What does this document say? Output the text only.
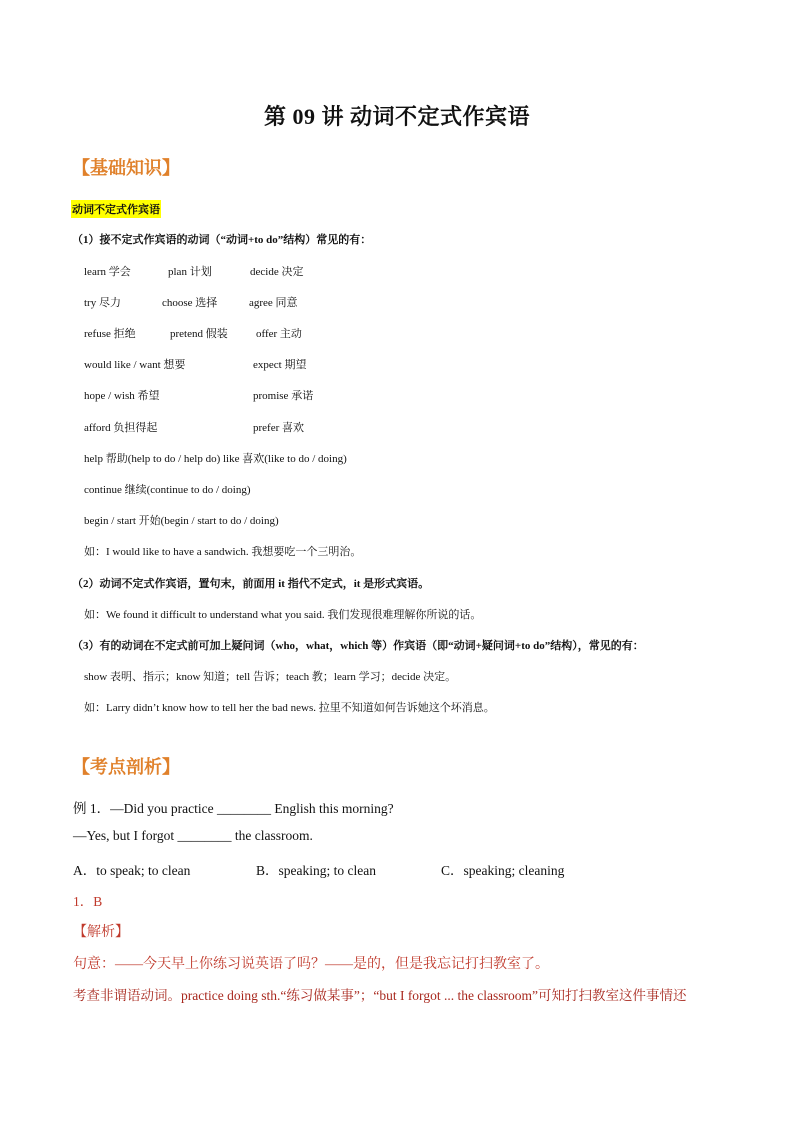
第 09 讲 动词不定式作宾语
【基础知识】
动词不定式作宾语
（1）接不定式作宾语的动词（“动词+to do”结构）常见的有：
learn 学会	plan 计划	decide 决定
try 尽力	choose 选择	agree 同意
refuse 拒绝	pretend 假装	offer 主动
would like / want 想要	expect 期望
hope / wish 希望	promise 承诺
afford 负担得起	prefer 喜欢
help 帮助(help to do / help do) like 喜欢(like to do / doing)
continue 继续(continue to do / doing)
begin / start 开始(begin / start to do / doing)
如：I would like to have a sandwich. 我想要吃一个三明治。
（2）动词不定式作宾语，置句末，前面用 it 指代不定式，it 是形式宾语。
如：We found it difficult to understand what you said. 我们发现很难理解你所说的话。
（3）有的动词在不定式前可加上疑问词（who，what，which 等）作宾语（即“动词+疑问词+to do”结构），常见的有：
show 表明、指示；know 知道；tell 告诉；teach 教；learn 学习；decide 决定。
如：Larry didn’t know how to tell her the bad news. 拉里不知道如何告诉她这个坏消息。
【考点剖析】
例 1．—Did you practice ________ English this morning?
—Yes, but I forgot ________ the classroom.
A．to speak; to clean	B．speaking; to clean	C．speaking; cleaning
1．B
【解析】
句意：——今天早上你练习说英语了吗？——是的，但是我忘记打扫教室了。
考查非谓语动词。practice doing sth.“练习做某事”；“but I forgot ... the classroom”可知打扫教室这件事情还
